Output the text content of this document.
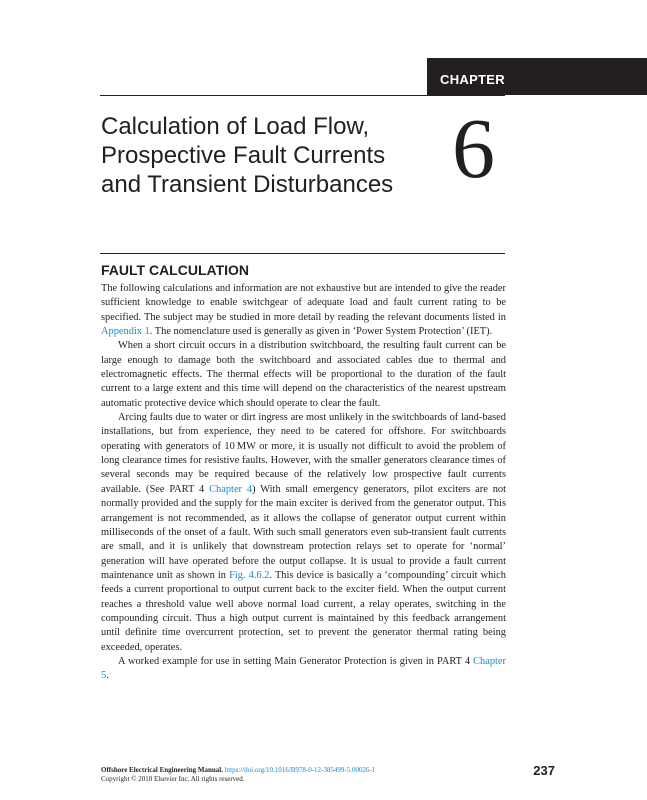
CHAPTER
Calculation of Load Flow, Prospective Fault Currents and Transient Disturbances 6
FAULT CALCULATION

The following calculations and information are not exhaustive but are intended to give the reader sufficient knowledge to enable switchgear of adequate load and fault current rating to be specified. The subject may be studied in more detail by reading the relevant documents listed in Appendix 1. The nomenclature used is generally as given in ‘Power System Protection’ (IET).

When a short circuit occurs in a distribution switchboard, the resulting fault current can be large enough to damage both the switchboard and associated cables due to thermal and electromagnetic effects. The thermal effects will be proportional to the duration of the fault current to a large extent and this time will depend on the characteristics of the nearest upstream automatic protective device which should operate to clear the fault.

Arcing faults due to water or dirt ingress are most unlikely in the switchboards of land-based installations, but from experience, they need to be catered for offshore. For switchboards operating with generators of 10 MW or more, it is usually not difficult to avoid the problem of long clearance times for resistive faults. However, with the smaller generators clearance times of several seconds may be required because of the relatively low prospective fault currents available. (See PART 4 Chapter 4) With small emergency generators, pilot exciters are not normally provided and the supply for the main exciter is derived from the generator output. This arrangement is not recommended, as it allows the collapse of generator output current within milliseconds of the onset of a fault. With such small generators even sub-transient fault currents are small, and it is unlikely that downstream protection relays set to operate for ‘normal’ generation will have operated before the output collapse. It is usual to provide a fault current maintenance unit as shown in Fig. 4.6.2. This device is basically a ‘compounding’ circuit which feeds a current proportional to output current back to the exciter field. When the output current reaches a threshold value well above normal load current, a relay operates, switching in the compounding circuit. Thus a high output current is maintained by this feedback arrangement until definite time overcurrent protection, set to prevent the generator thermal rating being exceeded, operates.

A worked example for use in setting Main Generator Protection is given in PART 4 Chapter 5.

Offshore Electrical Engineering Manual. https://doi.org/10.1016/B978-0-12-385499-5.00026-1
Copyright © 2018 Elsevier Inc. All rights reserved.
237
